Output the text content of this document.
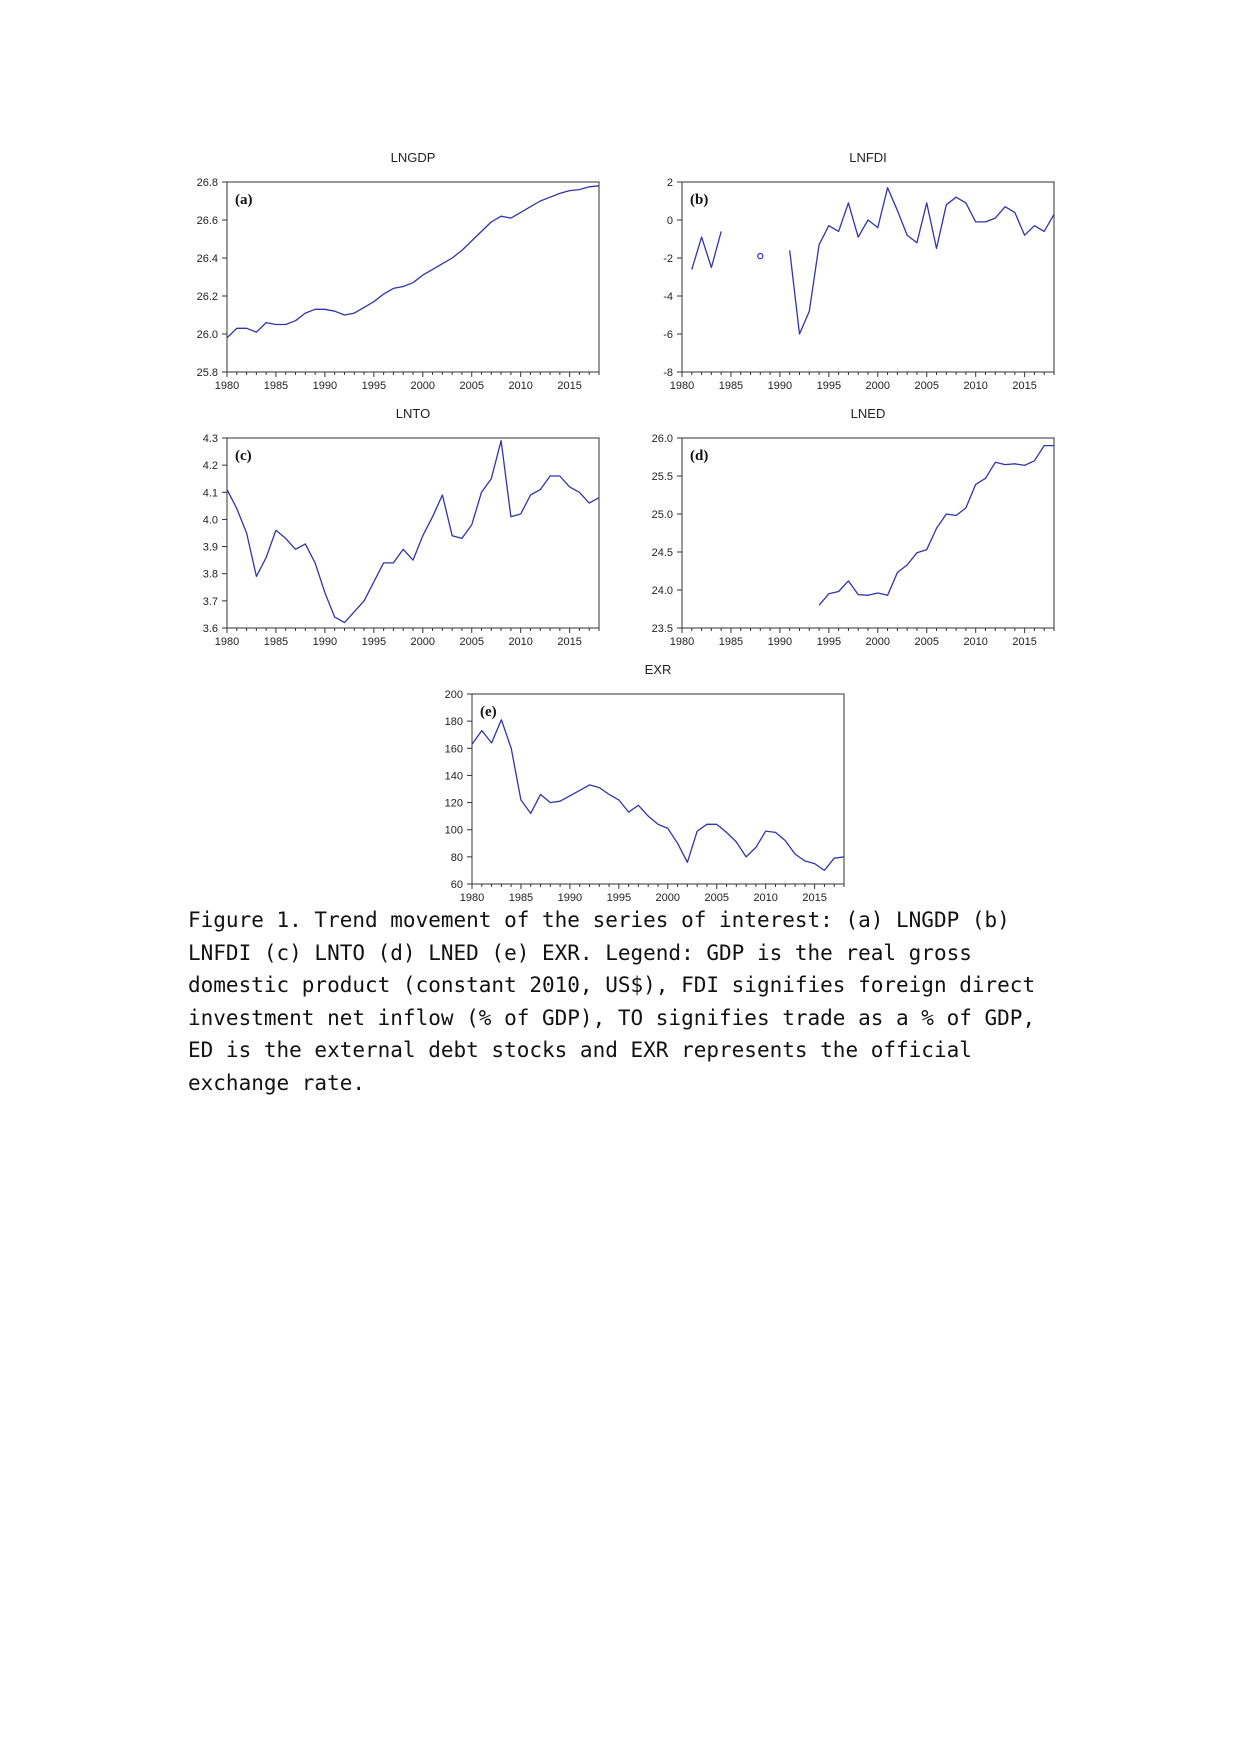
LNGDP
25.8
26.0
26.2
26.4
26.6
26.8
1980 1985 1990 1995 2000 2005 2010 2015
(a)
LNFDI
-8
-6
-4
-2
0
2
1980 1985 1990 1995 2000 2005 2010 2015
(b)
LNTO
3.6
3.7
3.8
3.9
4.0
4.1
4.2
4.3
1980 1985 1990 1995 2000 2005 2010 2015
(c)
LNED
23.5
24.0
24.5
25.0
25.5
26.0
1980 1985 1990 1995 2000 2005 2010 2015
(d)
EXR
60
80
100
120
140
160
180
200
1980 1985 1990 1995 2000 2005 2010 2015
(e)

Figure 1. Trend movement of the series of interest: (a) LNGDP (b)
LNFDI (c) LNTO (d) LNED (e) EXR. Legend: GDP is the real gross
domestic product (constant 2010, US$), FDI signifies foreign direct
investment net inflow (% of GDP), TO signifies trade as a % of GDP,
ED is the external debt stocks and EXR represents the official
exchange rate.
